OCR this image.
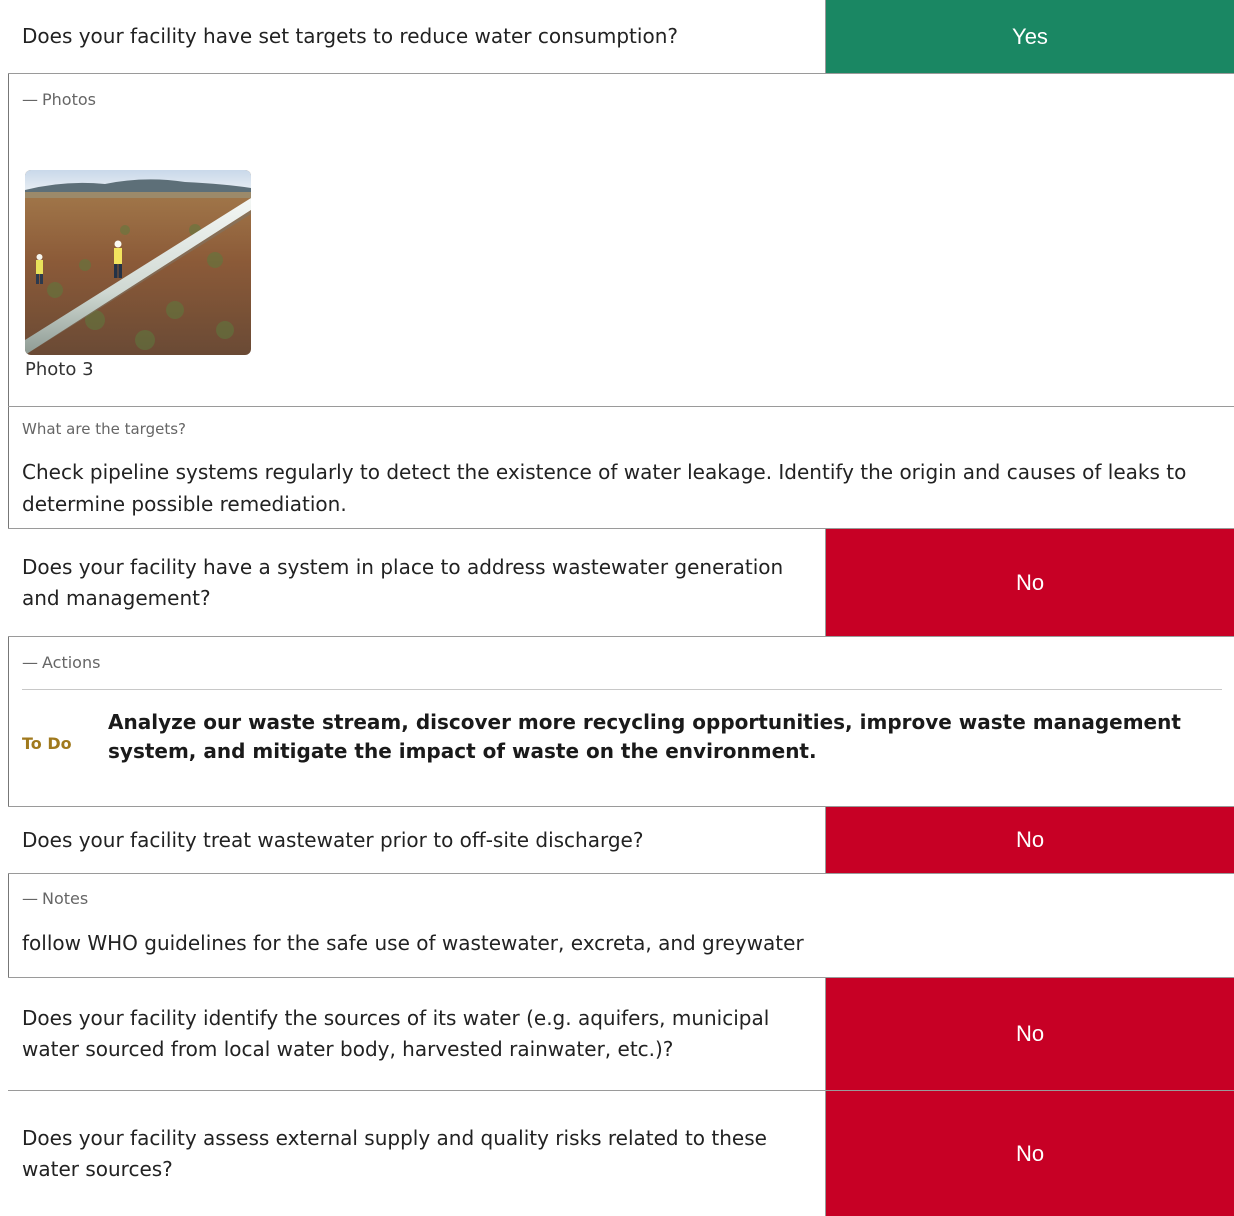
Does your facility have set targets to reduce water consumption?	Yes
— Photos
Photo 3
What are the targets?
Check pipeline systems regularly to detect the existence of water leakage. Identify the origin and causes of leaks to determine possible remediation.
Does your facility have a system in place to address wastewater generation and management?
No
— Actions
To Do
Analyze our waste stream, discover more recycling opportunities, improve waste management system, and mitigate the impact of waste on the environment.
Does your facility treat wastewater prior to off-site discharge?	No
— Notes
follow WHO guidelines for the safe use of wastewater, excreta, and greywater
Does your facility identify the sources of its water (e.g. aquifers, municipal water sourced from local water body, harvested rainwater, etc.)?
No
Does your facility assess external supply and quality risks related to these water sources?
No
